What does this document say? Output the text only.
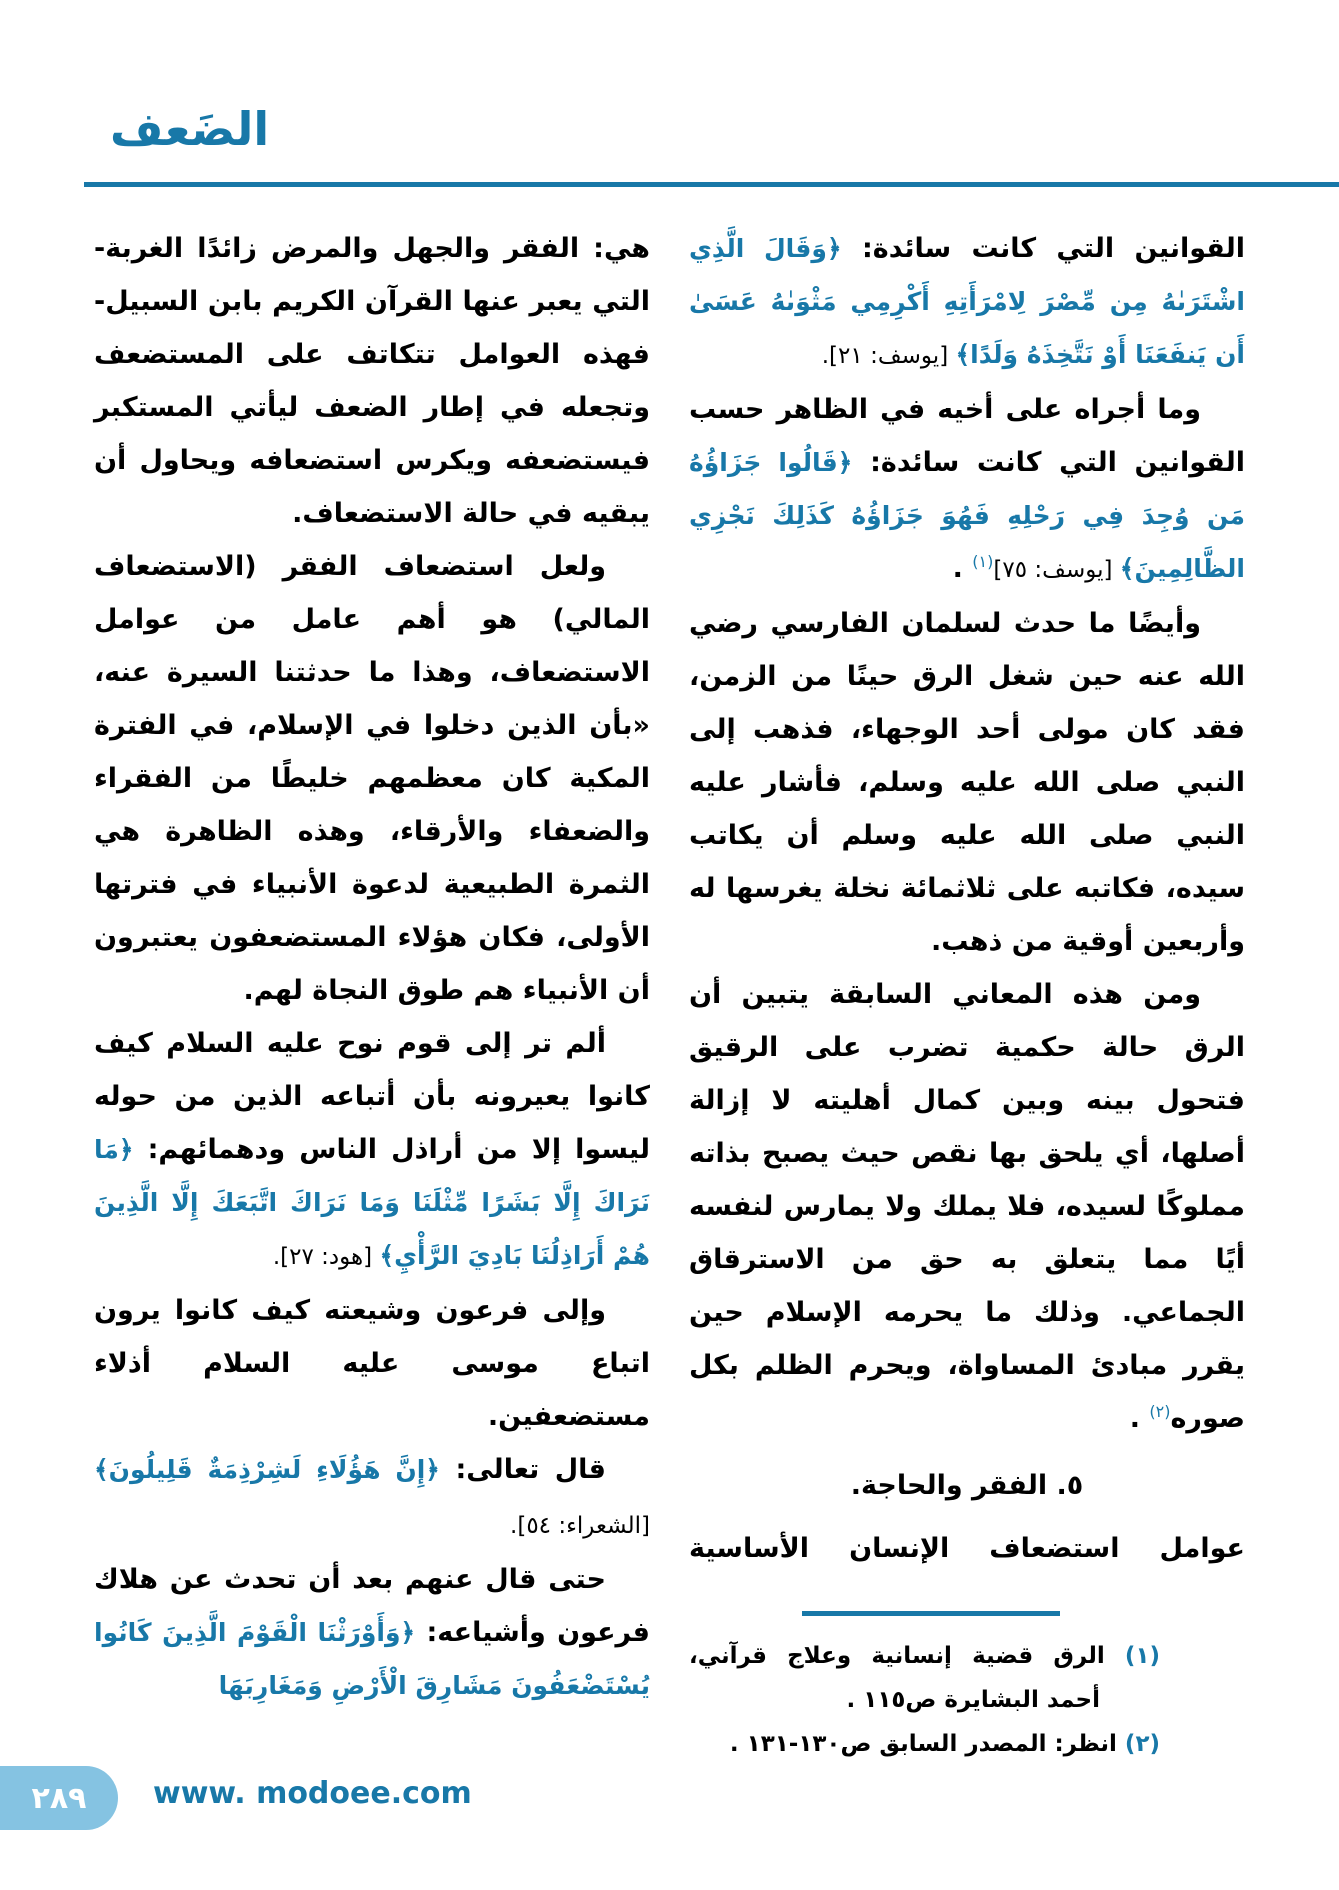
الضَعف

القوانين التي كانت سائدة: ﴿وَقَالَ الَّذِي اشْتَرَىٰهُ مِن مِّصْرَ لِامْرَأَتِهِ أَكْرِمِي مَثْوَىٰهُ عَسَىٰ أَن يَنفَعَنَا أَوْ نَتَّخِذَهُ وَلَدًا﴾ [يوسف: ٢١].

وما أجراه على أخيه في الظاهر حسب القوانين التي كانت سائدة: ﴿قَالُوا جَزَاؤُهُ مَن وُجِدَ فِي رَحْلِهِ فَهُوَ جَزَاؤُهُ كَذَلِكَ نَجْزِي الظَّالِمِينَ﴾ [يوسف: ٧٥]$^{(١)}$ .

وأيضًا ما حدث لسلمان الفارسي رضي الله عنه حين شغل الرق حينًا من الزمن، فقد كان مولى أحد الوجهاء، فذهب إلى النبي صلى الله عليه وسلم، فأشار عليه النبي صلى الله عليه وسلم أن يكاتب سيده، فكاتبه على ثلاثمائة نخلة يغرسها له وأربعين أوقية من ذهب.

ومن هذه المعاني السابقة يتبين أن الرق حالة حكمية تضرب على الرقيق فتحول بينه وبين كمال أهليته لا إزالة أصلها، أي يلحق بها نقص حيث يصبح بذاته مملوكًا لسيده، فلا يملك ولا يمارس لنفسه أيًا مما يتعلق به حق من الاسترقاق الجماعي. وذلك ما يحرمه الإسلام حين يقرر مبادئ المساواة، ويحرم الظلم بكل صوره$^{(٢)}$ .

٥. الفقر والحاجة.

عوامل استضعاف الإنسان الأساسية

(١) الرق قضية إنسانية وعلاج قرآني، أحمد البشايرة ص١١٥ .
(٢) انظر: المصدر السابق ص١٣٠-١٣١ .

هي: الفقر والجهل والمرض زائدًا الغربة- التي يعبر عنها القرآن الكريم بابن السبيل- فهذه العوامل تتكاتف على المستضعف وتجعله في إطار الضعف ليأتي المستكبر فيستضعفه ويكرس استضعافه ويحاول أن يبقيه في حالة الاستضعاف.

ولعل استضعاف الفقر (الاستضعاف المالي) هو أهم عامل من عوامل الاستضعاف، وهذا ما حدثتنا السيرة عنه، «بأن الذين دخلوا في الإسلام، في الفترة المكية كان معظمهم خليطًا من الفقراء والضعفاء والأرقاء، وهذه الظاهرة هي الثمرة الطبيعية لدعوة الأنبياء في فترتها الأولى، فكان هؤلاء المستضعفون يعتبرون أن الأنبياء هم طوق النجاة لهم.

ألم تر إلى قوم نوح عليه السلام كيف كانوا يعيرونه بأن أتباعه الذين من حوله ليسوا إلا من أراذل الناس ودهمائهم: ﴿مَا نَرَاكَ إِلَّا بَشَرًا مِّثْلَنَا وَمَا نَرَاكَ اتَّبَعَكَ إِلَّا الَّذِينَ هُمْ أَرَاذِلُنَا بَادِيَ الرَّأْيِ﴾ [هود: ٢٧].

وإلى فرعون وشيعته كيف كانوا يرون اتباع موسى عليه السلام أذلاء مستضعفين.

قال تعالى: ﴿إِنَّ هَؤُلَاءِ لَشِرْذِمَةٌ قَلِيلُونَ﴾ [الشعراء: ٥٤].

حتى قال عنهم بعد أن تحدث عن هلاك فرعون وأشياعه: ﴿وَأَوْرَثْنَا الْقَوْمَ الَّذِينَ كَانُوا يُسْتَضْعَفُونَ مَشَارِقَ الْأَرْضِ وَمَغَارِبَهَا

٢٨٩ www. modoee.com
